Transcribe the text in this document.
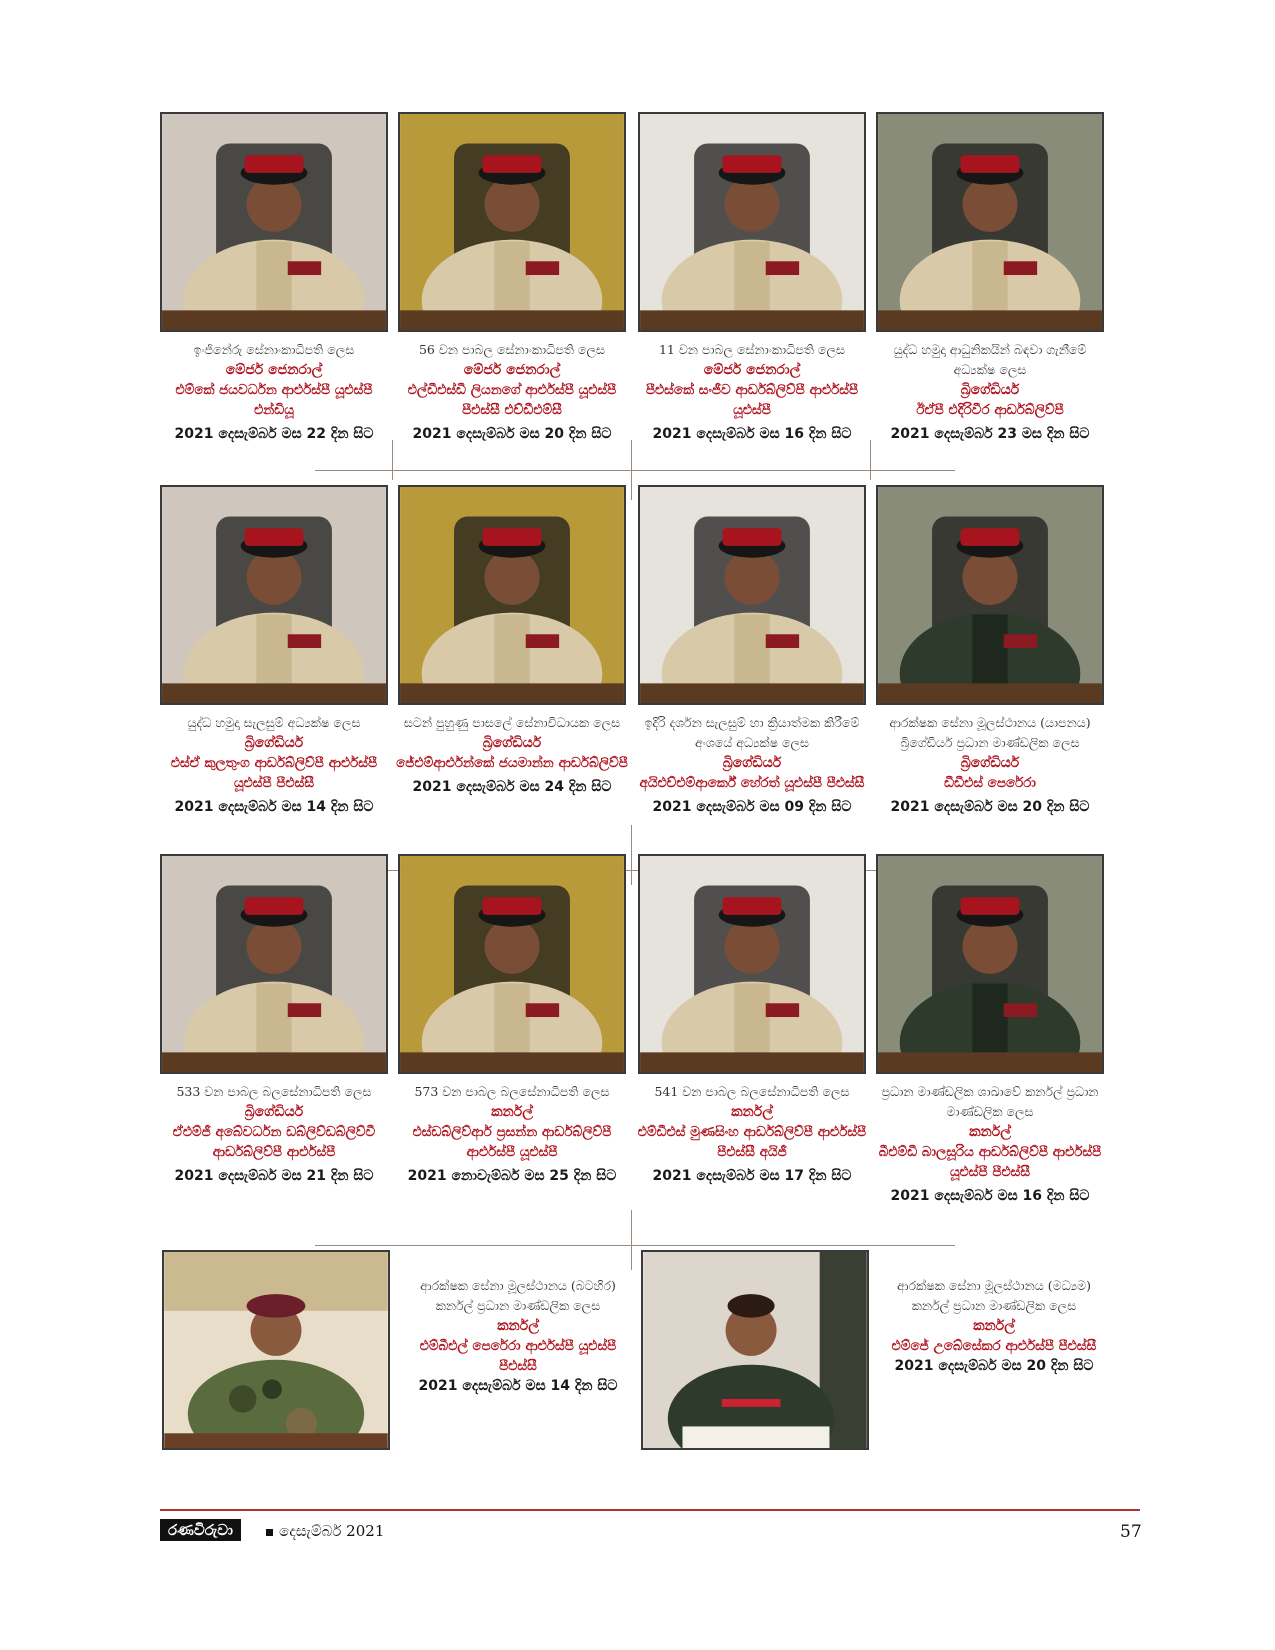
ඉංජිනේරු සේනාංකාධිපති ලෙස
මේජර් ජෙනරාල්
එම්කේ ජයවර්ධන ආර්එස්පී යූඑස්පී එන්ඩියූ
2021 දෙසැම්බර් මස 22 දින සිට
56 වන පාබල සේනාංකාධිපති ලෙස
මේජර් ජෙනරාල්
එල්ඩීඑස්ඩී ලියනගේ ආර්එස්පී යූඑස්පී පීඑස්සී එච්ඩීඑම්සී
2021 දෙසැම්බර් මස 20 දින සිට
11 වන පාබල සේනාංකාධිපති ලෙස
මේජර් ජෙනරාල්
පීඑස්කේ සංජීව ආර්ඩබ්ලිව්පී ආර්එස්පී යූඑස්පී
2021 දෙසැම්බර් මස 16 දින සිට
යුද්ධ හමුදා ආධුනිකයින් බඳවා ගැනීමේ අධ්‍යක්ෂ ලෙස
බ්‍රිගේඩියර්
ඊඒපී එදිරිවීර ආර්ඩබ්ලිව්පී
2021 දෙසැම්බර් 23 මස දින සිට
යුද්ධ හමුදා සැලසුම් අධ්‍යක්ෂ ලෙස
බ්‍රිගේඩියර්
එස්ඒ කුලතුංග ආර්ඩබ්ලිව්පී ආර්එස්පී යූඑස්පී පීඑස්සී
2021 දෙසැම්බර් මස 14 දින සිට
සටන් පුහුණු පාසලේ සේනාවිධායක ලෙස
බ්‍රිගේඩියර්
ජේඑම්ආර්එන්කේ ජයමාන්න ආර්ඩබ්ලිව්පී
2021 දෙසැම්බර් මස 24 දින සිට
ඉදිරි දර්ශන සැලසුම් හා ක්‍රියාත්මක කිරීමේ අංශයේ අධ්‍යක්ෂ ලෙස
බ්‍රිගේඩියර්
අයිඑච්එම්ආර්කේ හේරත් යූඑස්පී පීඑස්සී
2021 දෙසැම්බර් මස 09 දින සිට
ආරක්ෂක සේනා මූලස්ථානය (යාපනය) බ්‍රිගේඩියර් ප්‍රධාන මාණ්ඩලික ලෙස
බ්‍රිගේඩියර්
ඩීඩීඑස් පෙරේරා
2021 දෙසැම්බර් මස 20 දින සිට
533 වන පාබල බලසේනාධිපති ලෙස
බ්‍රිගේඩියර්
ඒඑම්ජී අබේවර්ධන ඩබ්ලිව්ඩබ්ලිව්වී ආර්ඩබ්ලිව්පී ආර්එස්පී
2021 දෙසැම්බර් මස 21 දින සිට
573 වන පාබල බලසේනාධිපති ලෙස
කර්නල්
එස්ඩබ්ලිව්ආර් ප්‍රසන්න ආර්ඩබ්ලිව්පී ආර්එස්පී යූඑස්පී
2021 නොවැම්බර් මස 25 දින සිට
541 වන පාබල බලසේනාධිපති ලෙස
කර්නල්
එම්ඩීඑස් මුණසිංහ ආර්ඩබ්ලිව්පී ආර්එස්පී පීඑස්සී අයිජී
2021 දෙසැම්බර් මස 17 දින සිට
ප්‍රධාන මාණ්ඩලික ශාඛාවේ කර්නල් ප්‍රධාන මාණ්ඩලික ලෙස
කර්නල්
බීඑම්ඩී බාලසූරිය ආර්ඩබ්ලිව්පී ආර්එස්පී යූඑස්පී පීඑස්සී
2021 දෙසැම්බර් මස 16 දින සිට
ආරක්ෂක සේනා මූලස්ථානය (බටහිර) කර්නල් ප්‍රධාන මාණ්ඩලික ලෙස
කර්නල්
එම්බීඑල් පෙරේරා ආර්එස්පී යූඑස්පී පීඑස්සී
2021 දෙසැම්බර් මස 14 දින සිට
ආරක්ෂක සේනා මූලස්ථානය (මධ්‍යම) කර්නල් ප්‍රධාන මාණ්ඩලික ලෙස
කර්නල්
එම්ජේ උබේසේකර ආර්එස්පී පීඑස්සී
2021 දෙසැම්බර් මස 20 දින සිට
රණවිරුවා	දෙසැම්බර් 2021	57
